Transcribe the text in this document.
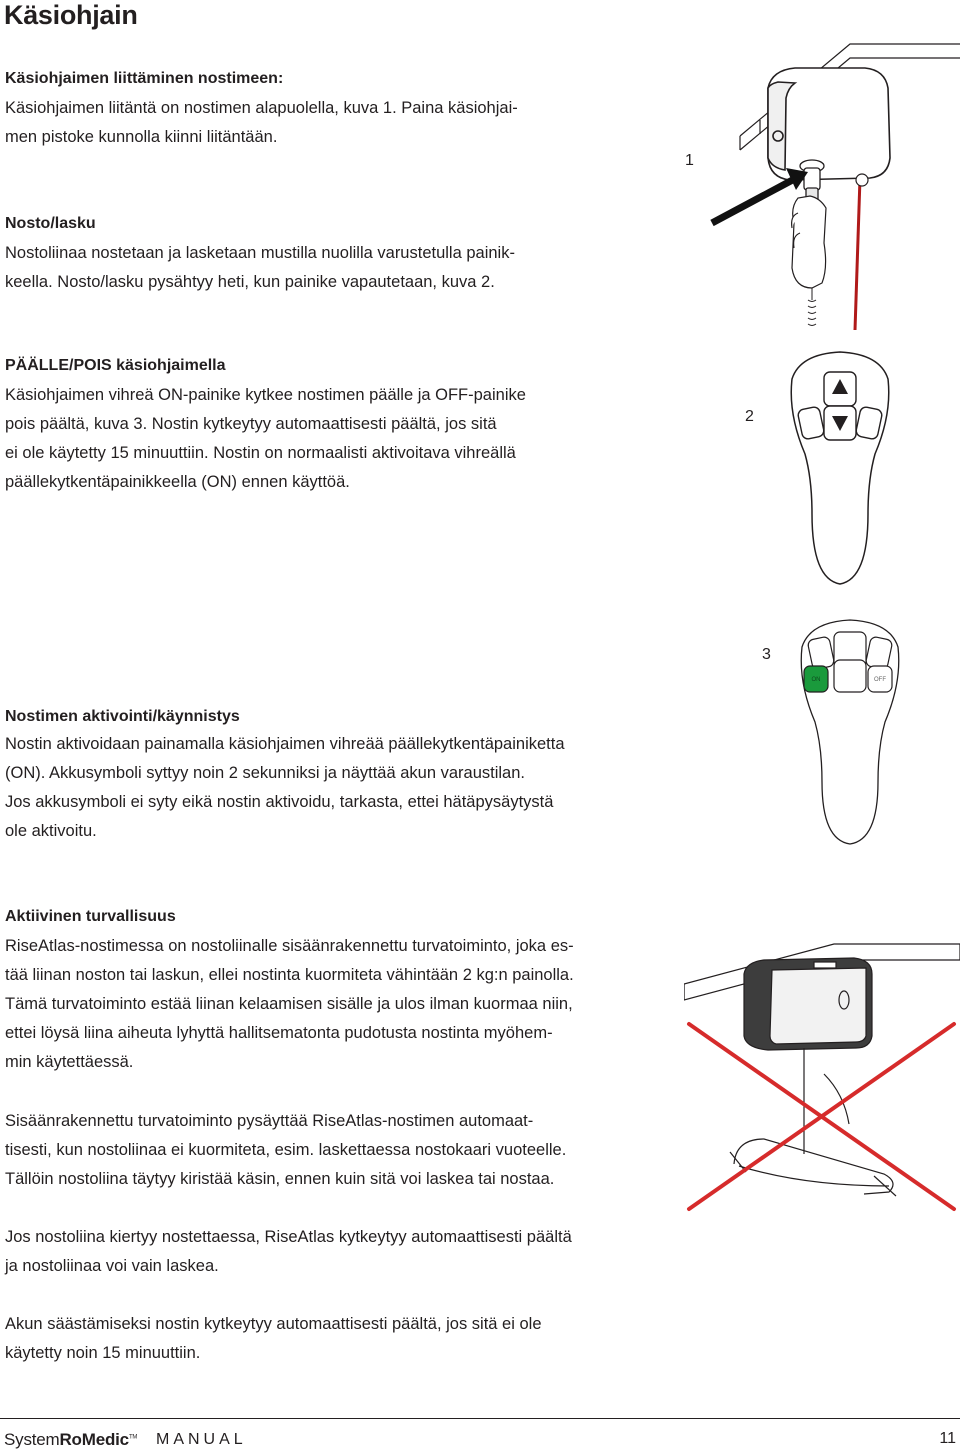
Käsiohjain

Käsiohjaimen liittäminen nostimeen:

Käsiohjaimen liitäntä on nostimen alapuolella, kuva 1. Paina käsiohjai-

men pistoke kunnolla kiinni liitäntään.

Nosto/lasku

Nostoliinaa nostetaan ja lasketaan mustilla nuolilla varustetulla painik-

keella. Nosto/lasku pysähtyy heti, kun painike vapautetaan, kuva 2.

PÄÄLLE/POIS käsiohjaimella

Käsiohjaimen vihreä ON-painike kytkee nostimen päälle ja OFF-painike

pois päältä, kuva 3. Nostin kytkeytyy automaattisesti päältä, jos sitä

ei ole käytetty 15 minuuttiin. Nostin on normaalisti aktivoitava vihreällä

päällekytkentäpainikkeella (ON) ennen käyttöä.

Nostimen aktivointi/käynnistys

Nostin aktivoidaan painamalla käsiohjaimen vihreää päällekytkentäpainiketta

(ON). Akkusymboli syttyy noin 2 sekunniksi ja näyttää akun varaustilan.

Jos akkusymboli ei syty eikä nostin aktivoidu, tarkasta, ettei hätäpysäytystä

ole aktivoitu.

Aktiivinen turvallisuus

RiseAtlas-nostimessa on nostoliinalle sisäänrakennettu turvatoiminto, joka es-

tää liinan noston tai laskun, ellei nostinta kuormiteta vähintään 2 kg:n painolla.

Tämä turvatoiminto estää liinan kelaamisen sisälle ja ulos ilman kuormaa niin,

ettei löysä liina aiheuta lyhyttä hallitsematonta pudotusta nostinta myöhem-

min käytettäessä.

Sisäänrakennettu turvatoiminto pysäyttää RiseAtlas-nostimen automaat-

tisesti, kun nostoliinaa ei kuormiteta, esim. laskettaessa nostokaari vuoteelle.

Tällöin nostoliina täytyy kiristää käsin, ennen kuin sitä voi laskea tai nostaa.

Jos nostoliina kiertyy nostettaessa, RiseAtlas kytkeytyy automaattisesti päältä

ja nostoliinaa voi vain laskea.

Akun säästämiseksi nostin kytkeytyy automaattisesti päältä, jos sitä ei ole

käytetty noin 15 minuuttiin.

1
2
3
ON	OFF
SystemRoMedic™ MANUAL	11
